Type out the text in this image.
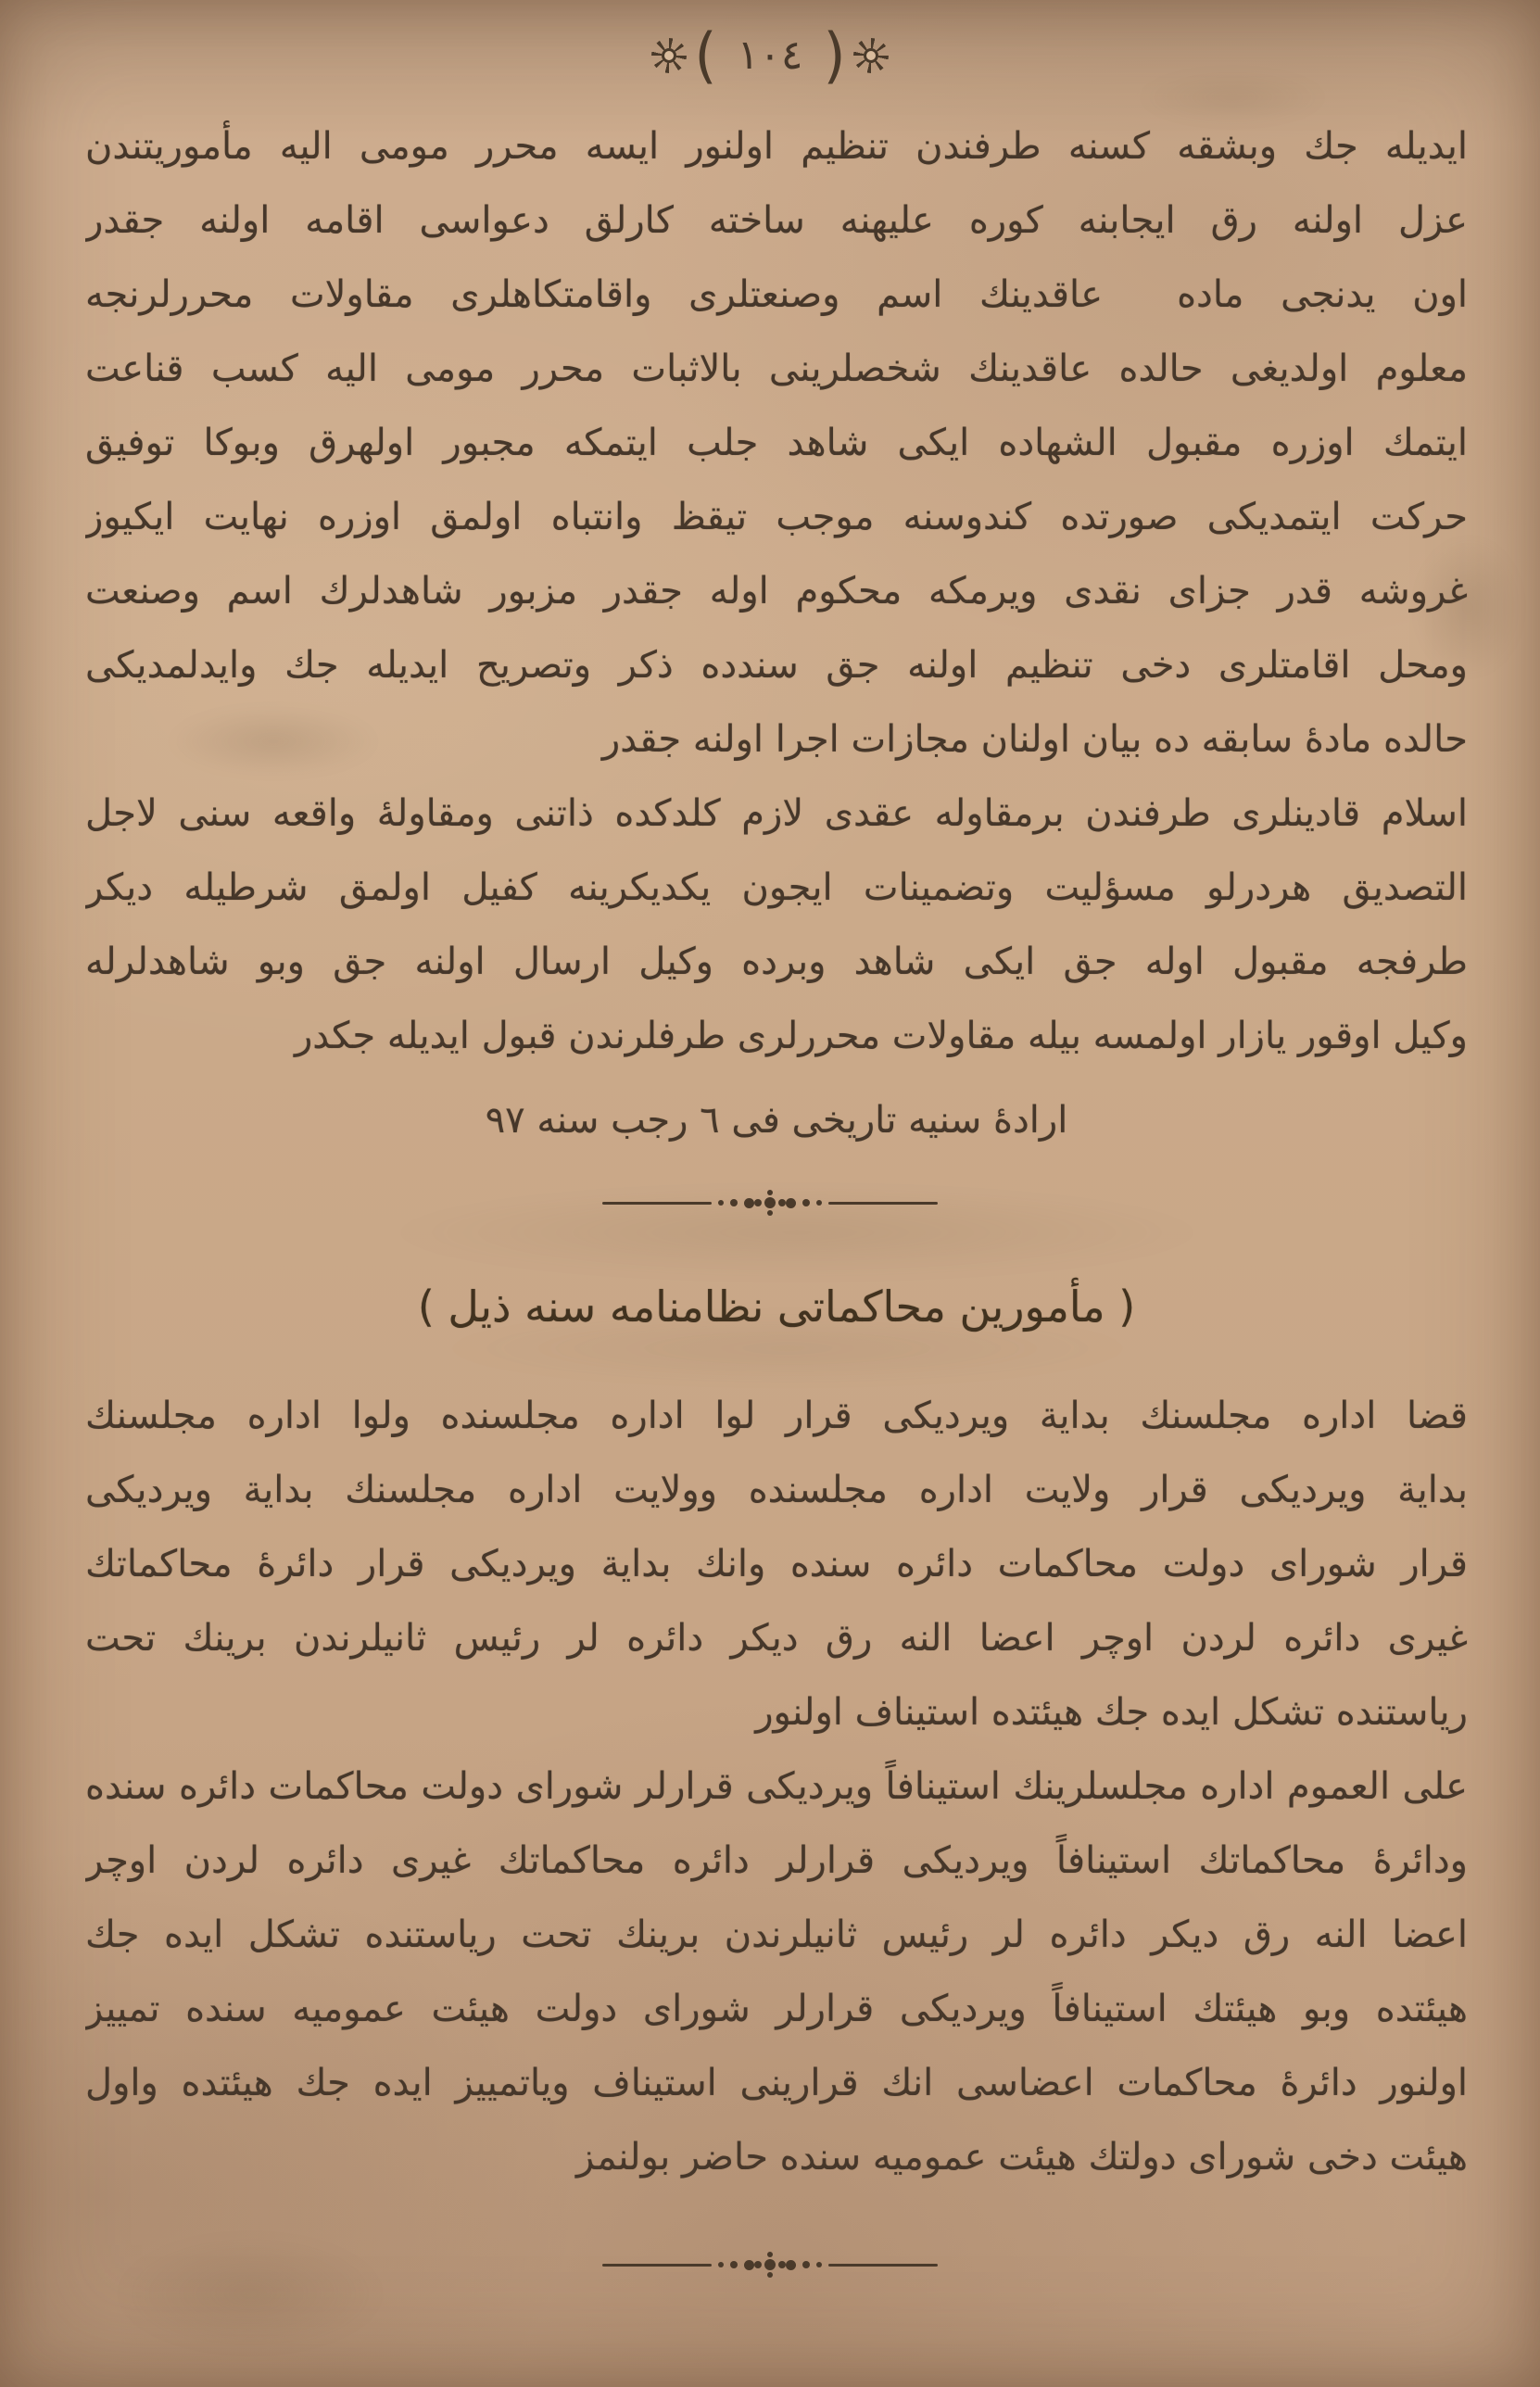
( ١٠٤ )
ايديله جك وبشقه كسنه طرفندن تنظيم اولنور ايسه محرر مومى اليه مأموريتندن
عزل اولنه رق ايجابنه كوره عليهنه ساخته كارلق دعواسى اقامه اولنه جقدر
اون يدنجى ماده  عاقدينك اسم وصنعتلرى واقامتكاهلرى مقاولات محررلرنجه
معلوم اولديغى حالده عاقدينك شخصلرينى بالاثبات محرر مومى اليه كسب قناعت
ايتمك اوزره مقبول الشهاده ايكى شاهد جلب ايتمكه مجبور اولهرق وبوكا توفيق
حركت ايتمديكى صورتده كندوسنه موجب تيقظ وانتباه اولمق اوزره نهايت ايكيوز
غروشه قدر جزاى نقدى ويرمكه محكوم اوله جقدر مزبور شاهدلرك اسم وصنعت
ومحل اقامتلرى دخى تنظيم اولنه جق سندده ذكر وتصريح ايديله جك وايدلمديكى
حالده مادهٔ سابقه ده بيان اولنان مجازات اجرا اولنه جقدر
اسلام قادينلرى طرفندن برمقاوله عقدى لازم كلدكده ذاتنى ومقاولهٔ واقعه سنى لاجل
التصديق هردرلو مسؤليت وتضمينات ايجون يكديكرينه كفيل اولمق شرطيله ديكر
طرفجه مقبول اوله جق ايكى شاهد وبرده وكيل ارسال اولنه جق وبو شاهدلرله
وكيل اوقور يازار اولمسه بيله مقاولات محررلرى طرفلرندن قبول ايديله جكدر
ارادهٔ سنيه تاريخى فى ٦ رجب سنه ٩٧
( مأمورين محاكماتى نظامنامه سنه ذيل )
قضا اداره مجلسنك بداية ويرديكى قرار لوا اداره مجلسنده ولوا اداره مجلسنك
بداية ويرديكى قرار ولايت اداره مجلسنده وولايت اداره مجلسنك بداية ويرديكى
قرار شوراى دولت محاكمات دائره سنده وانك بداية ويرديكى قرار دائرهٔ محاكماتك
غيرى دائره لردن اوچر اعضا النه رق ديكر دائره لر رئيس ثانيلرندن برينك تحت
رياستنده تشكل ايده جك هيئتده استيناف اولنور
على العموم اداره مجلسلرينك استينافاً ويرديكى قرارلر شوراى دولت محاكمات دائره سنده
ودائرهٔ محاكماتك استينافاً ويرديكى قرارلر دائره محاكماتك غيرى دائره لردن اوچر
اعضا النه رق ديكر دائره لر رئيس ثانيلرندن برينك تحت رياستنده تشكل ايده جك
هيئتده وبو هيئتك استينافاً ويرديكى قرارلر شوراى دولت هيئت عموميه سنده تمييز
اولنور دائرهٔ محاكمات اعضاسى انك قرارينى استيناف وياتمييز ايده جك هيئتده واول
هيئت دخى شوراى دولتك هيئت عموميه سنده حاضر بولنمز
